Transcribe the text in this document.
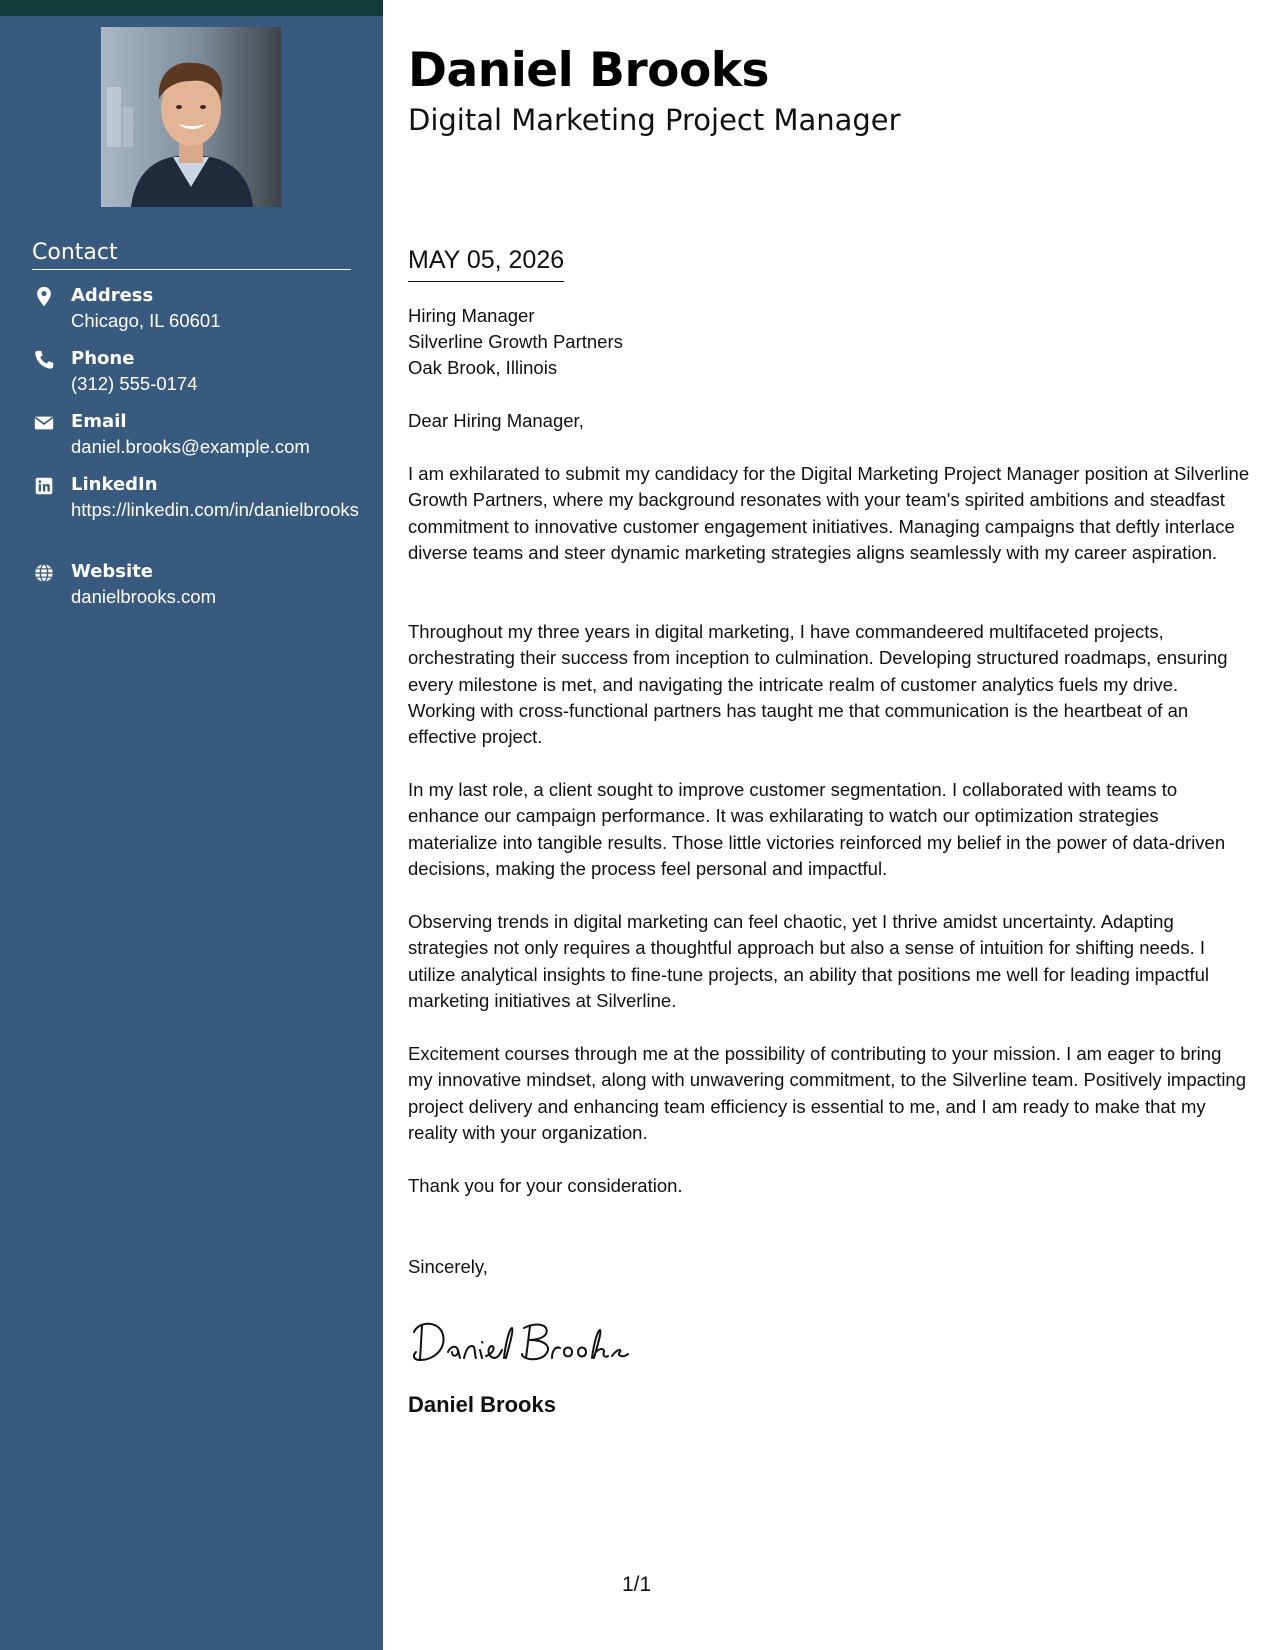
Contact
Address
Chicago, IL 60601
Phone
(312) 555-0174
Email
daniel.brooks@example.com
LinkedIn
https://linkedin.com/in/danielbrooks
Website
danielbrooks.com
Daniel Brooks
Digital Marketing Project Manager
MAY 05, 2026
Hiring Manager
Silverline Growth Partners
Oak Brook, Illinois
Dear Hiring Manager,
I am exhilarated to submit my candidacy for the Digital Marketing Project Manager position at Silverline Growth Partners, where my background resonates with your team's spirited ambitions and steadfast commitment to innovative customer engagement initiatives. Managing campaigns that deftly interlace diverse teams and steer dynamic marketing strategies aligns seamlessly with my career aspiration.
Throughout my three years in digital marketing, I have commandeered multifaceted projects, orchestrating their success from inception to culmination. Developing structured roadmaps, ensuring every milestone is met, and navigating the intricate realm of customer analytics fuels my drive. Working with cross-functional partners has taught me that communication is the heartbeat of an effective project.
In my last role, a client sought to improve customer segmentation. I collaborated with teams to enhance our campaign performance. It was exhilarating to watch our optimization strategies materialize into tangible results. Those little victories reinforced my belief in the power of data-driven decisions, making the process feel personal and impactful.
Observing trends in digital marketing can feel chaotic, yet I thrive amidst uncertainty. Adapting strategies not only requires a thoughtful approach but also a sense of intuition for shifting needs. I utilize analytical insights to fine-tune projects, an ability that positions me well for leading impactful marketing initiatives at Silverline.
Excitement courses through me at the possibility of contributing to your mission. I am eager to bring my innovative mindset, along with unwavering commitment, to the Silverline team. Positively impacting project delivery and enhancing team efficiency is essential to me, and I am ready to make that my reality with your organization.
Thank you for your consideration.
Sincerely,
Daniel Brooks
Daniel Brooks
1/1
